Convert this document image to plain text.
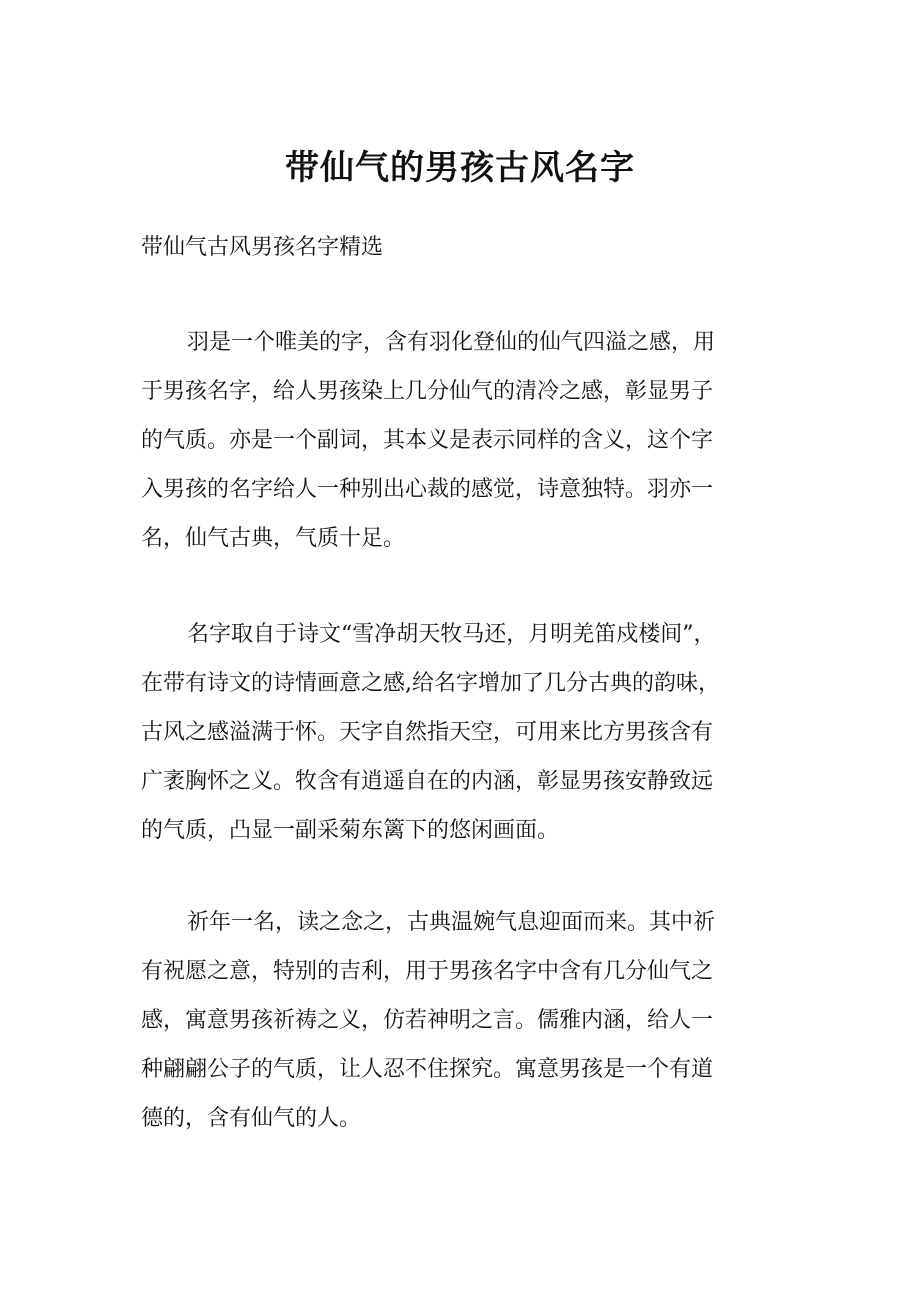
带仙气的男孩古风名字

带仙气古风男孩名字精选

羽是一个唯美的字，含有羽化登仙的仙气四溢之感，用
于男孩名字，给人男孩染上几分仙气的清冷之感，彰显男子
的气质。亦是一个副词，其本义是表示同样的含义，这个字
入男孩的名字给人一种别出心裁的感觉，诗意独特。羽亦一
名，仙气古典，气质十足。

名字取自于诗文“雪净胡天牧马还，月明羌笛戍楼间”，
在带有诗文的诗情画意之感,给名字增加了几分古典的韵味，
古风之感溢满于怀。天字自然指天空，可用来比方男孩含有
广袤胸怀之义。牧含有逍遥自在的内涵，彰显男孩安静致远
的气质，凸显一副采菊东篱下的悠闲画面。

祈年一名，读之念之，古典温婉气息迎面而来。其中祈
有祝愿之意，特别的吉利，用于男孩名字中含有几分仙气之
感，寓意男孩祈祷之义，仿若神明之言。儒雅内涵，给人一
种翩翩公子的气质，让人忍不住探究。寓意男孩是一个有道
德的，含有仙气的人。
